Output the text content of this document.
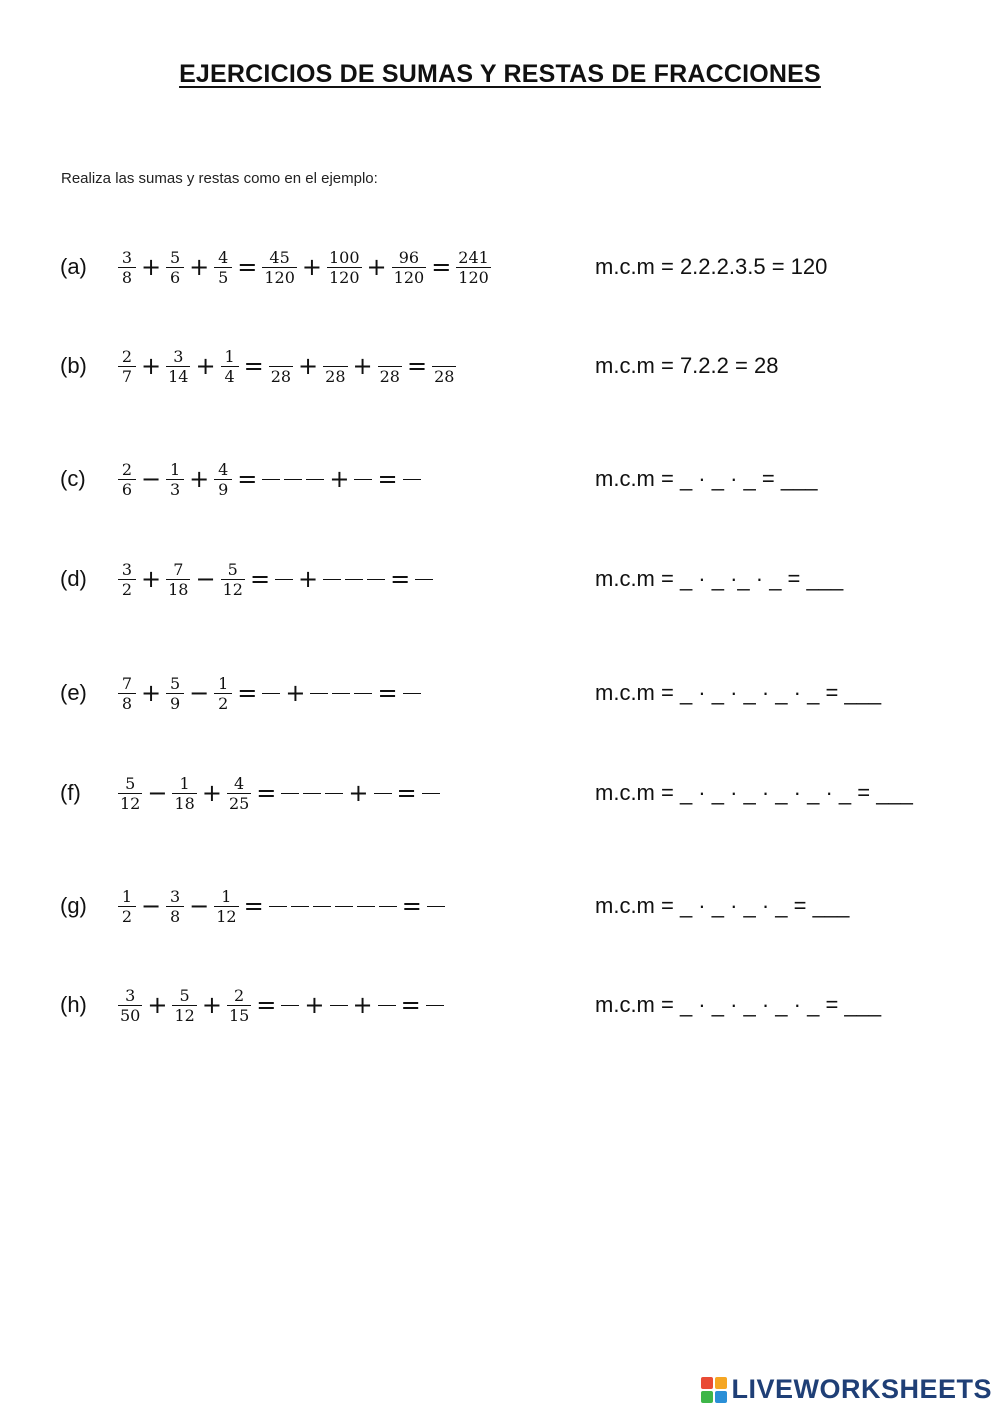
EJERCICIOS DE SUMAS Y RESTAS DE FRACCIONES
Realiza las sumas y restas como en el ejemplo:
$(a) \frac{3}{8} + \frac{5}{6} + \frac{4}{5} = \frac{45}{120} + \frac{100}{120} + \frac{96}{120} = \frac{241}{120}$	m.c.m = 2.2.2.3.5 = 120
$(b) \frac{2}{7} + \frac{3}{14} + \frac{1}{4} = 28 + 28 + 28 = 28$	m.c.m = 7.2.2 = 28
$(c) \frac{2}{6} - \frac{1}{3} + \frac{4}{9}$ =	+ =	m.c.m = _ · _ · _ = ___
$(d) \frac{3}{2} + \frac{7}{18} - \frac{5}{12}$ = +	=	m.c.m = _ · _ ·_ · _ = ___
$(e) \frac{7}{8} + \frac{5}{9} - \frac{1}{2}$ = +	=	m.c.m = _ · _ · _ · _ · _ = ___
$(f) \frac{5}{12} - \frac{1}{18} + \frac{4}{25}$ =	+ =	m.c.m = _ · _ · _ · _ · _ · _ = ___
$(g) \frac{1}{2} - \frac{3}{8} - \frac{1}{12}$ =	=	m.c.m = _ · _ · _ · _ = ___
$(h) \frac{3}{50} + \frac{5}{12} + \frac{2}{15}$ = + + =	m.c.m = _ · _ · _ · _ · _ = ___
LIVEWORKSHEETS
